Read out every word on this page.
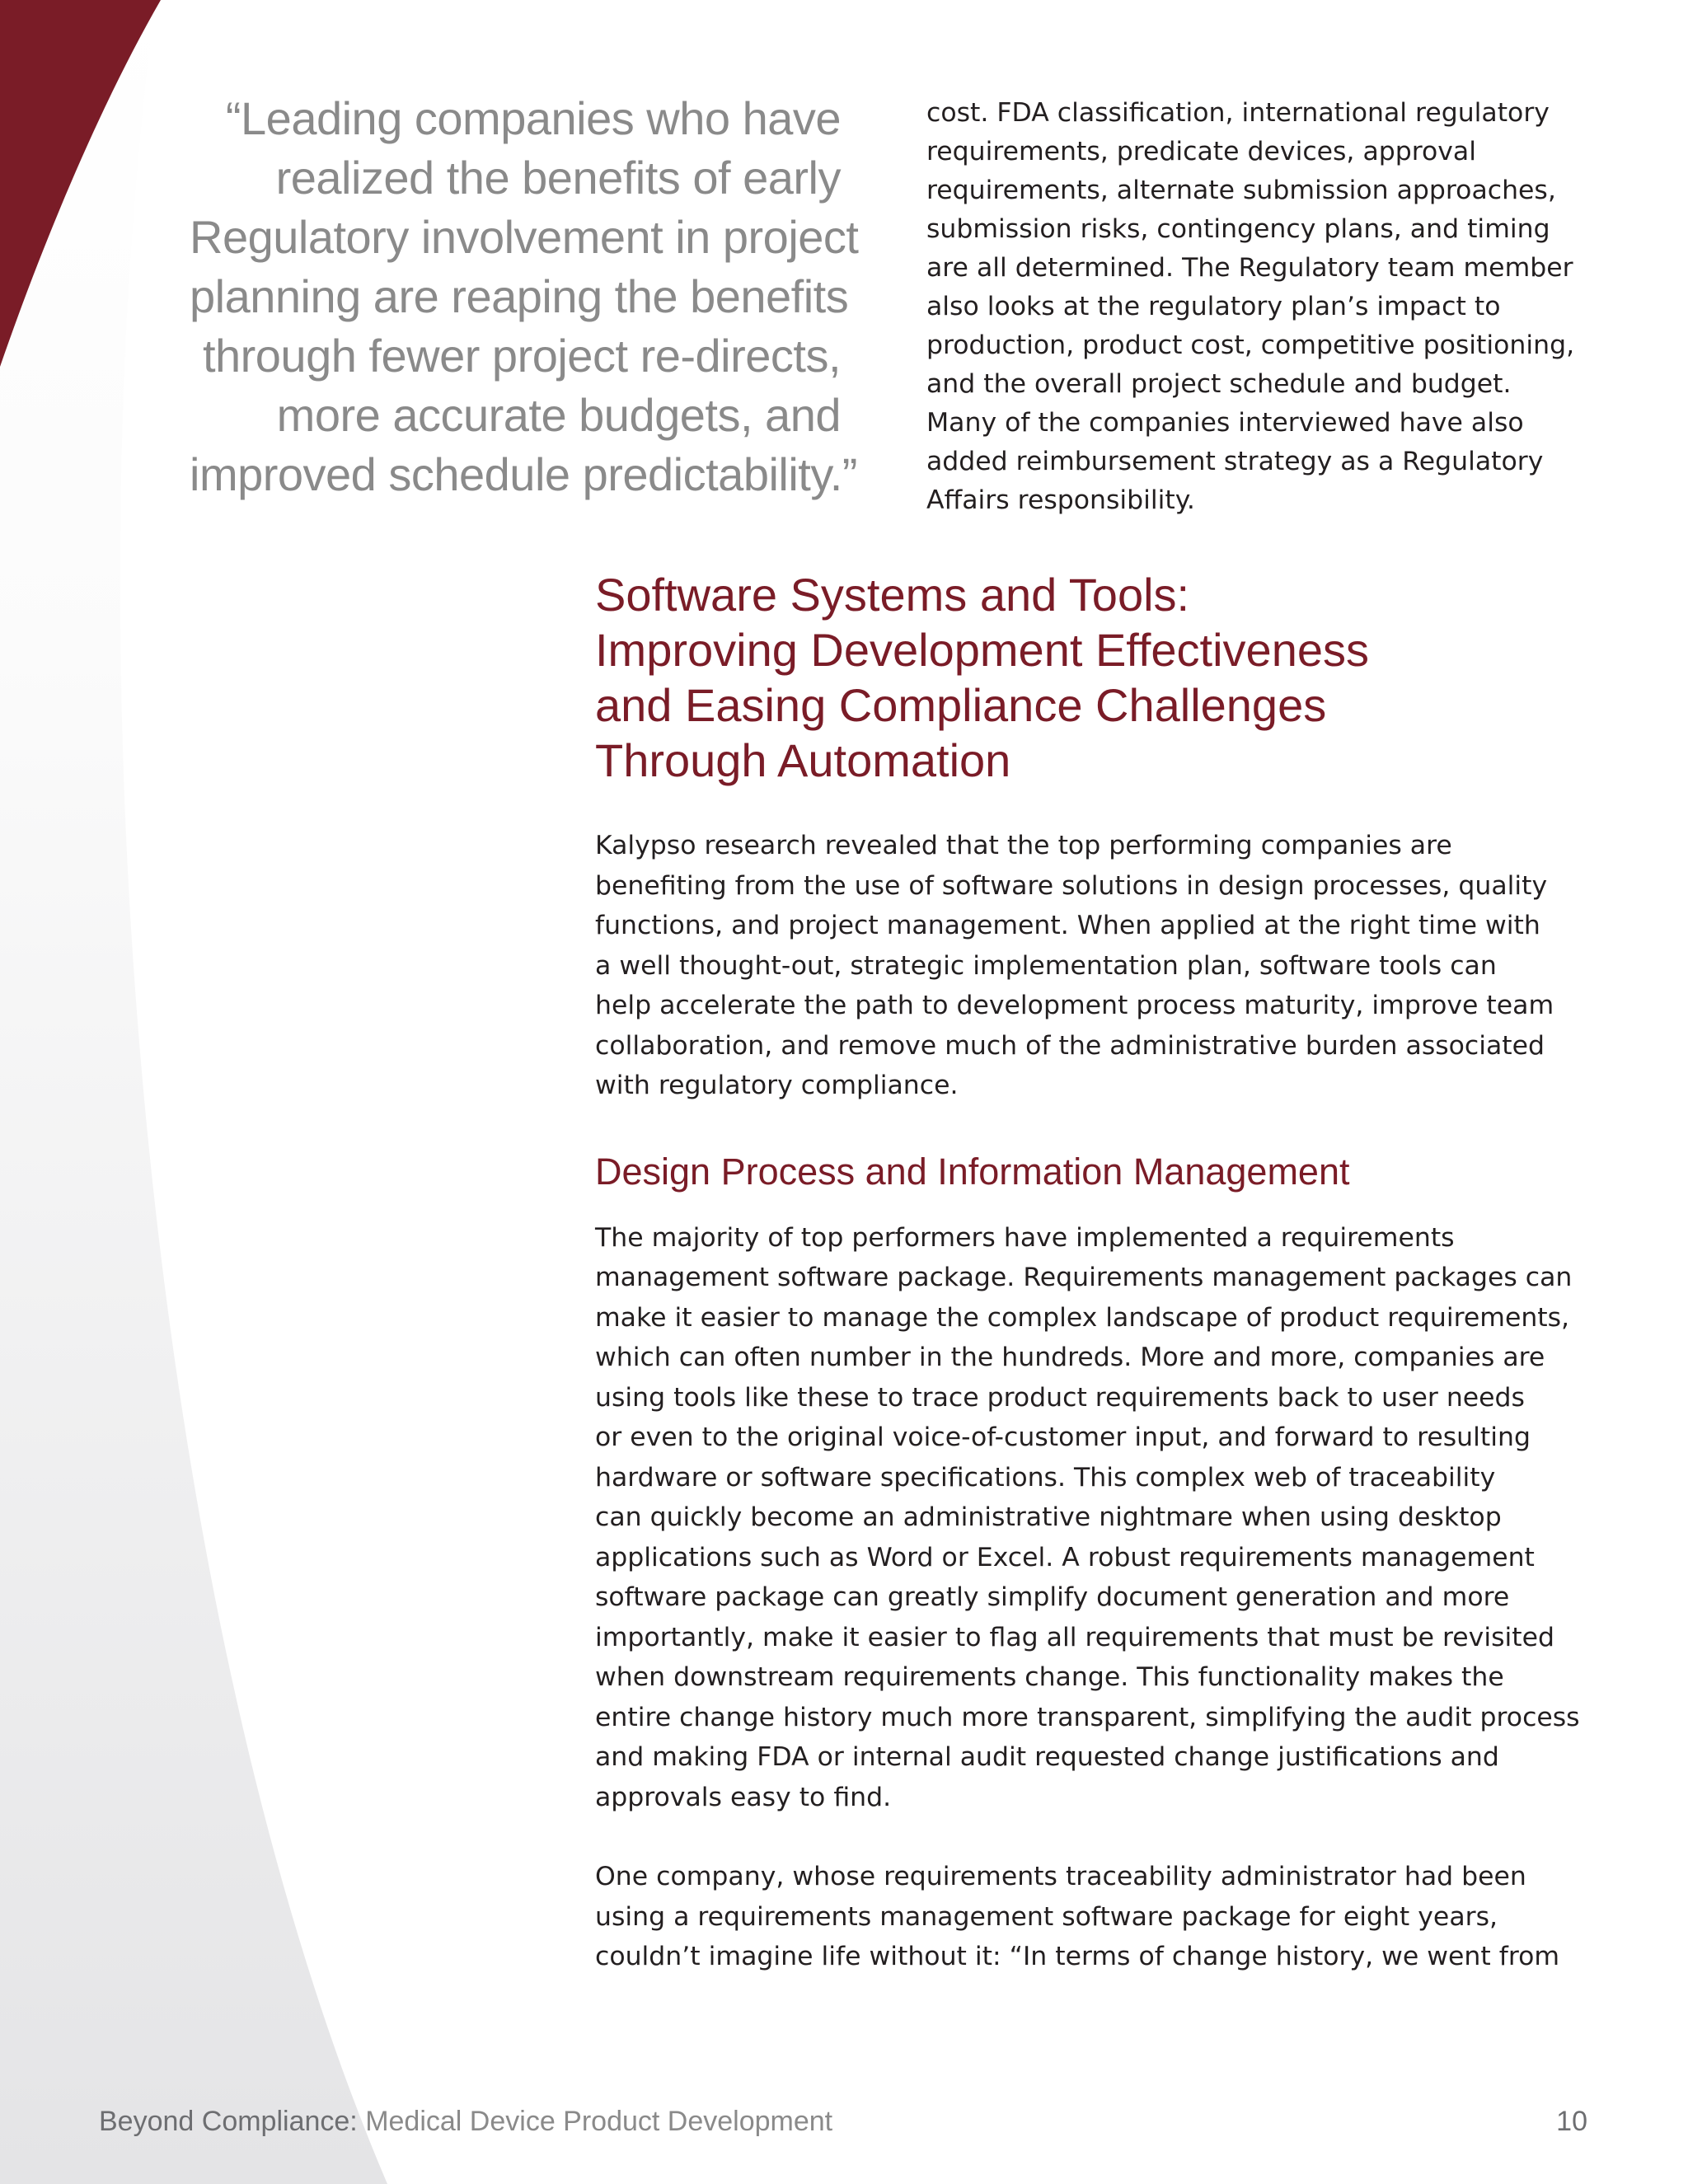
“Leading companies who have
realized the benefits of early
Regulatory involvement in project
planning are reaping the benefits
through fewer project re-directs,
more accurate budgets, and
improved schedule predictability.”
cost. FDA classification, international regulatory
requirements, predicate devices, approval
requirements, alternate submission approaches,
submission risks, contingency plans, and timing
are all determined. The Regulatory team member
also looks at the regulatory plan’s impact to
production, product cost, competitive positioning,
and the overall project schedule and budget.
Many of the companies interviewed have also
added reimbursement strategy as a Regulatory
Affairs responsibility.
Software Systems and Tools:
Improving Development Effectiveness
and Easing Compliance Challenges
Through Automation

Kalypso research revealed that the top performing companies are
benefiting from the use of software solutions in design processes, quality
functions, and project management. When applied at the right time with
a well thought-out, strategic implementation plan, software tools can
help accelerate the path to development process maturity, improve team
collaboration, and remove much of the administrative burden associated
with regulatory compliance.

Design Process and Information Management

The majority of top performers have implemented a requirements
management software package. Requirements management packages can
make it easier to manage the complex landscape of product requirements,
which can often number in the hundreds. More and more, companies are
using tools like these to trace product requirements back to user needs
or even to the original voice-of-customer input, and forward to resulting
hardware or software specifications. This complex web of traceability
can quickly become an administrative nightmare when using desktop
applications such as Word or Excel. A robust requirements management
software package can greatly simplify document generation and more
importantly, make it easier to flag all requirements that must be revisited
when downstream requirements change. This functionality makes the
entire change history much more transparent, simplifying the audit process
and making FDA or internal audit requested change justifications and
approvals easy to find.

One company, whose requirements traceability administrator had been
using a requirements management software package for eight years,
couldn’t imagine life without it: “In terms of change history, we went from

Beyond Compliance: Medical Device Product Development	10
